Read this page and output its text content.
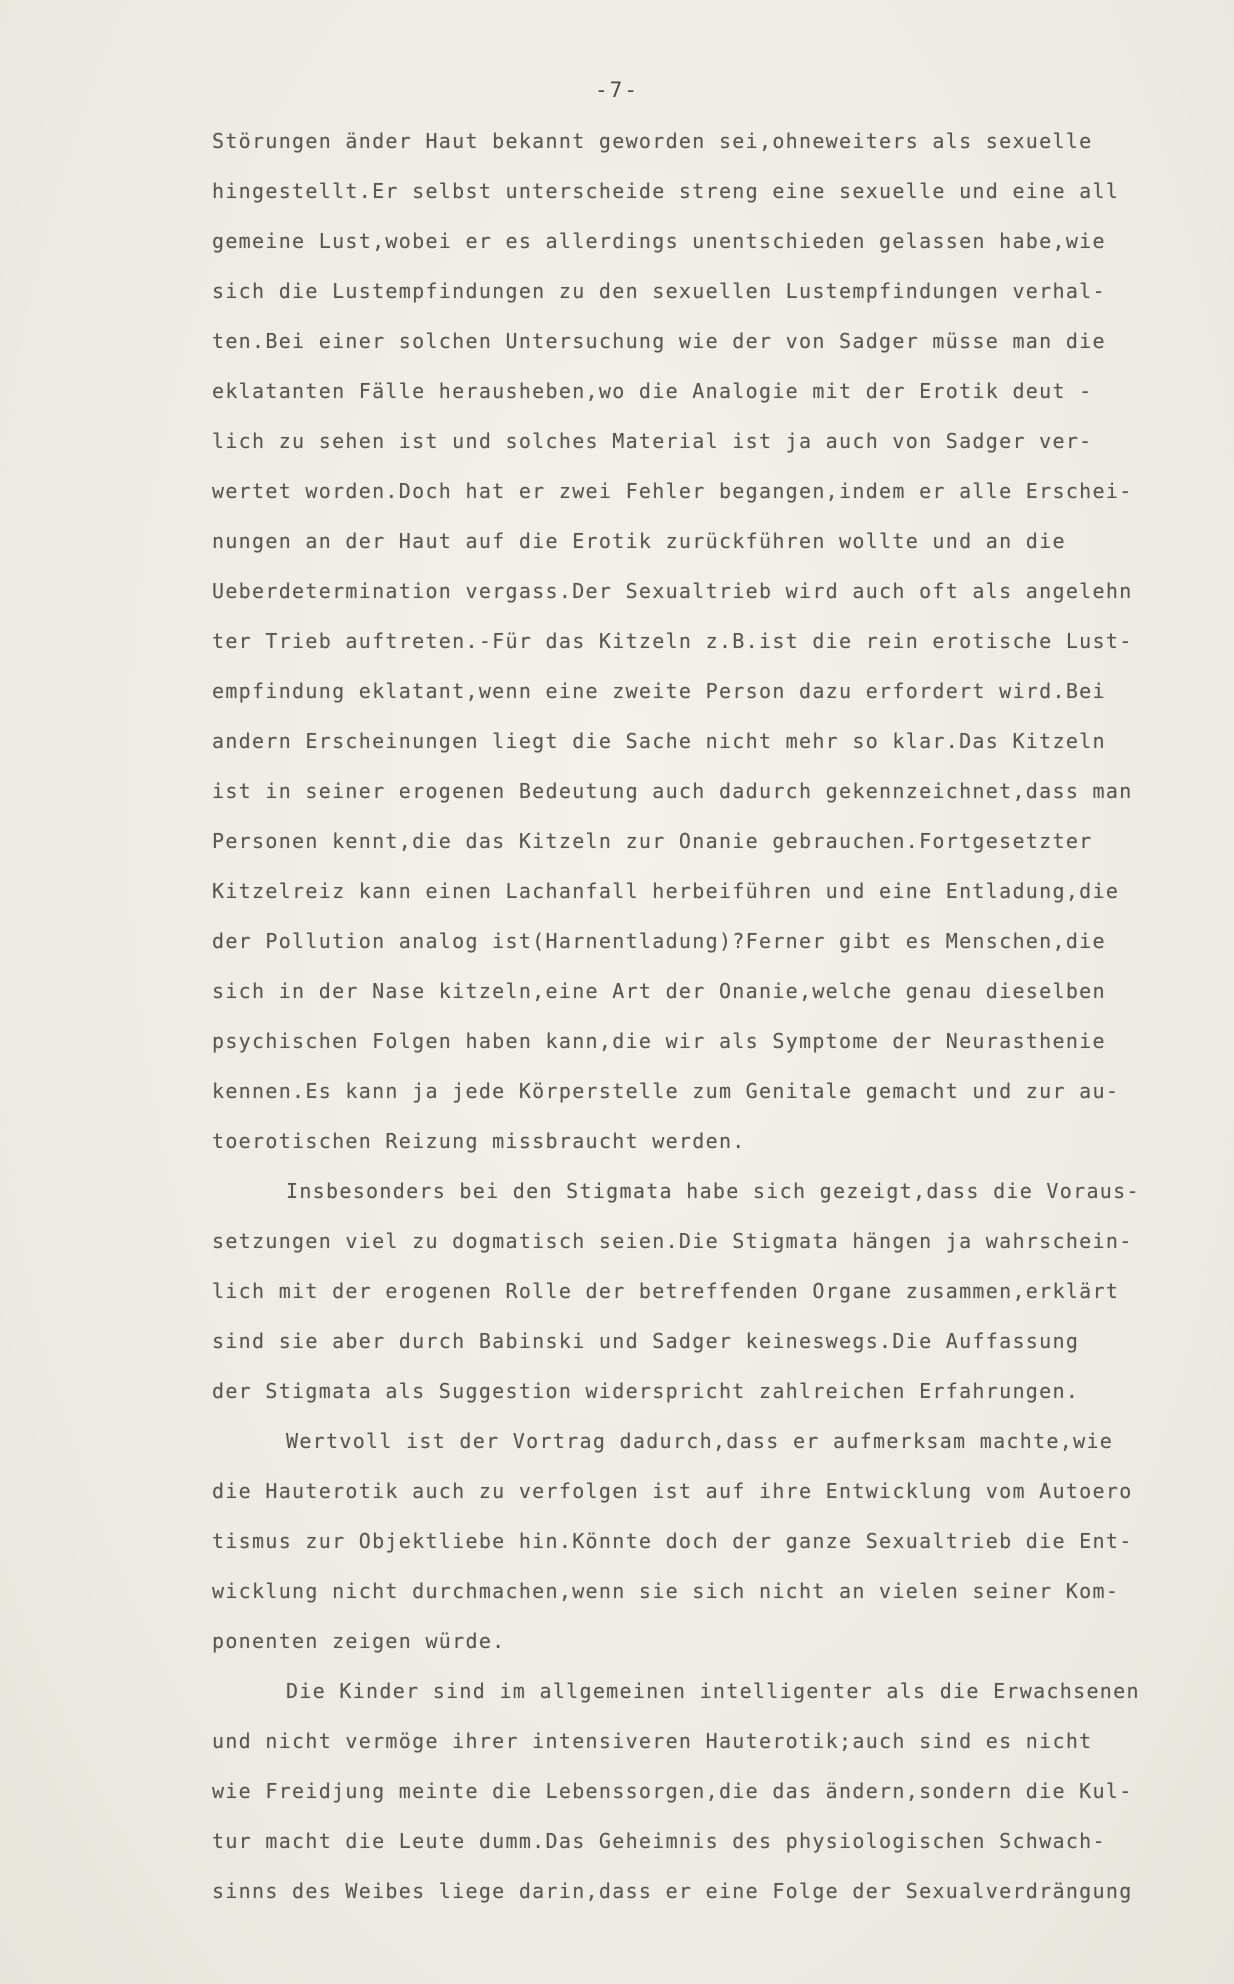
-7-
Störungen änder Haut bekannt geworden sei,ohneweiters als sexuelle
hingestellt.Er selbst unterscheide streng eine sexuelle und eine all
gemeine Lust,wobei er es allerdings unentschieden gelassen habe,wie
sich die Lustempfindungen zu den sexuellen Lustempfindungen verhal-
ten.Bei einer solchen Untersuchung wie der von Sadger müsse man die
eklatanten Fälle herausheben,wo die Analogie mit der Erotik deut -
lich zu sehen ist und solches Material ist ja auch von Sadger ver-
wertet worden.Doch hat er zwei Fehler begangen,indem er alle Erschei-
nungen an der Haut auf die Erotik zurückführen wollte und an die
Ueberdetermination vergass.Der Sexualtrieb wird auch oft als angelehn
ter Trieb auftreten.-Für das Kitzeln z.B.ist die rein erotische Lust-
empfindung eklatant,wenn eine zweite Person dazu erfordert wird.Bei
andern Erscheinungen liegt die Sache nicht mehr so klar.Das Kitzeln
ist in seiner erogenen Bedeutung auch dadurch gekennzeichnet,dass man
Personen kennt,die das Kitzeln zur Onanie gebrauchen.Fortgesetzter
Kitzelreiz kann einen Lachanfall herbeiführen und eine Entladung,die
der Pollution analog ist(Harnentladung)?Ferner gibt es Menschen,die
sich in der Nase kitzeln,eine Art der Onanie,welche genau dieselben
psychischen Folgen haben kann,die wir als Symptome der Neurasthenie
kennen.Es kann ja jede Körperstelle zum Genitale gemacht und zur au-
toerotischen Reizung missbraucht werden.
Insbesonders bei den Stigmata habe sich gezeigt,dass die Voraus-
setzungen viel zu dogmatisch seien.Die Stigmata hängen ja wahrschein-
lich mit der erogenen Rolle der betreffenden Organe zusammen,erklärt
sind sie aber durch Babinski und Sadger keineswegs.Die Auffassung
der Stigmata als Suggestion widerspricht zahlreichen Erfahrungen.
Wertvoll ist der Vortrag dadurch,dass er aufmerksam machte,wie
die Hauterotik auch zu verfolgen ist auf ihre Entwicklung vom Autoero
tismus zur Objektliebe hin.Könnte doch der ganze Sexualtrieb die Ent-
wicklung nicht durchmachen,wenn sie sich nicht an vielen seiner Kom-
ponenten zeigen würde.
Die Kinder sind im allgemeinen intelligenter als die Erwachsenen
und nicht vermöge ihrer intensiveren Hauterotik;auch sind es nicht
wie Freidjung meinte die Lebenssorgen,die das ändern,sondern die Kul-
tur macht die Leute dumm.Das Geheimnis des physiologischen Schwach-
sinns des Weibes liege darin,dass er eine Folge der Sexualverdrängung
